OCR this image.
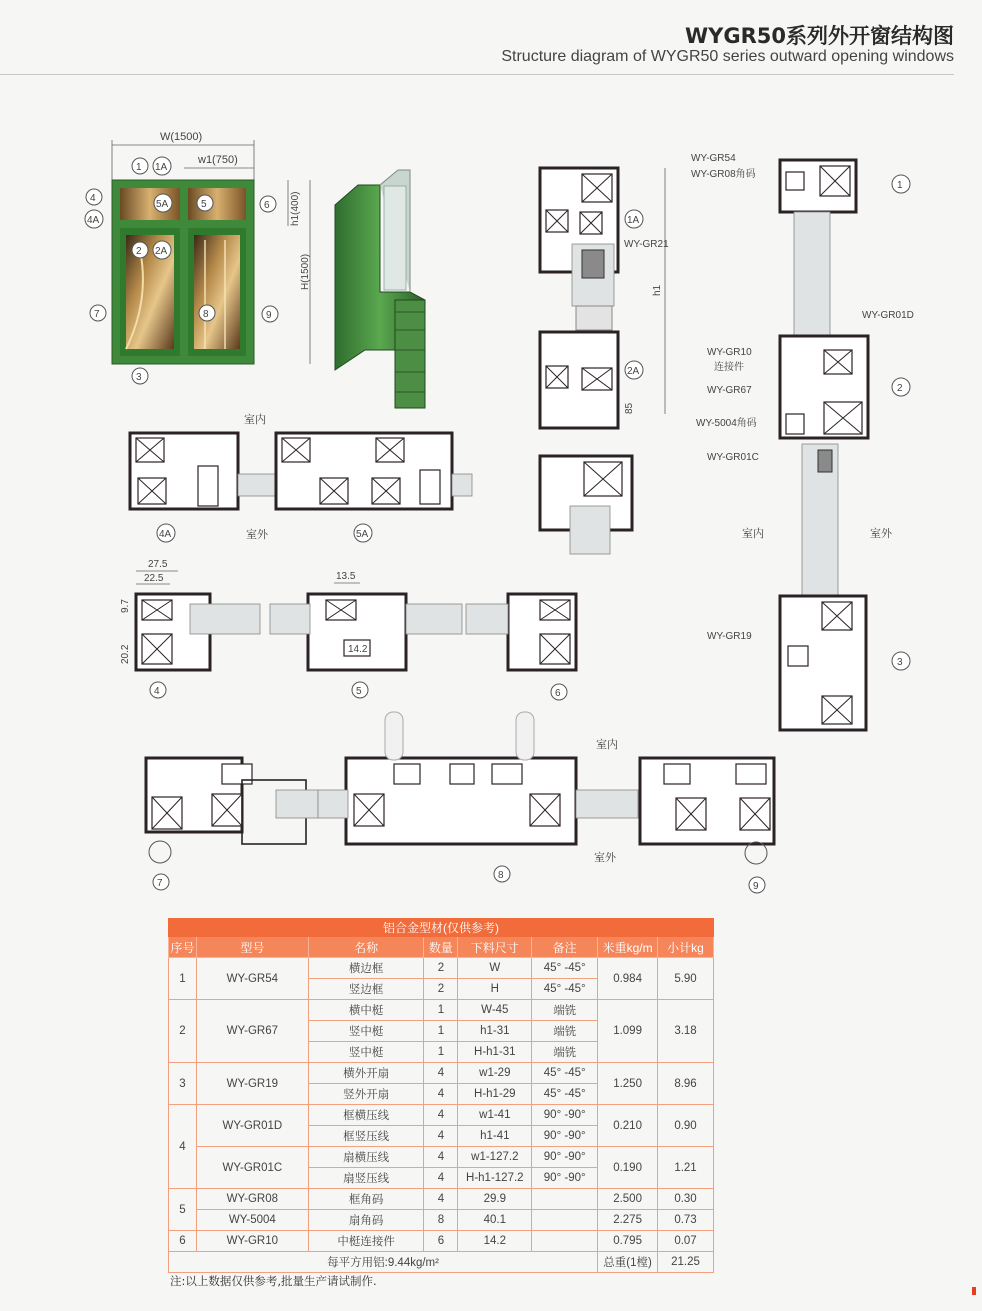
WYGR50系列外开窗结构图
Structure diagram of WYGR50 series outward opening windows
W(1500)
w1(750)
h1(400)
H(1500)
1 1A
4
4A
5A	5	6
2 2A
7	8	9
3
h1
85
WY-GR21
1A
2A
WY-GR54
WY-GR08角码
WY-GR01D
WY-GR10
连接件
WY-GR67
WY-5004角码
WY-GR01C
WY-GR19
室内	室外
1
2
3
室内
室外
4A	5A
27.5
22.5
9.7
20.2
13.5
14.2
4	5	6
室内
室外
7
8
9
铝合金型材(仅供参考)							
序号	型号	名称	数量	下料尺寸	备注	米重kg/m	小计kg
1	WY-GR54	横边框	2	W	45° -45°	0.984	5.90
		竖边框	2	H	45° -45°		
2	WY-GR67	横中梃	1	W-45	端铣	1.099	3.18
		竖中梃	1	h1-31	端铣		
		竖中梃	1	H-h1-31	端铣		
3	WY-GR19	横外开扇	4	w1-29	45° -45°	1.250	8.96
		竖外开扇	4	H-h1-29	45° -45°		
4	WY-GR01D	框横压线	4	w1-41	90° -90°	0.210	0.90
		框竖压线	4	h1-41	90° -90°		
	WY-GR01C	扇横压线	4	w1-127.2	90° -90°	0.190	1.21
		扇竖压线	4	H-h1-127.2	90° -90°		
5	WY-GR08	框角码	4	29.9		2.500	0.30
	WY-5004	扇角码	8	40.1		2.275	0.73
6	WY-GR10	中梃连接件	6	14.2		0.795	0.07
每平方用铝:9.44kg/m²						总重(1樘)	21.25
注:以上数据仅供参考,批量生产请试制作.
